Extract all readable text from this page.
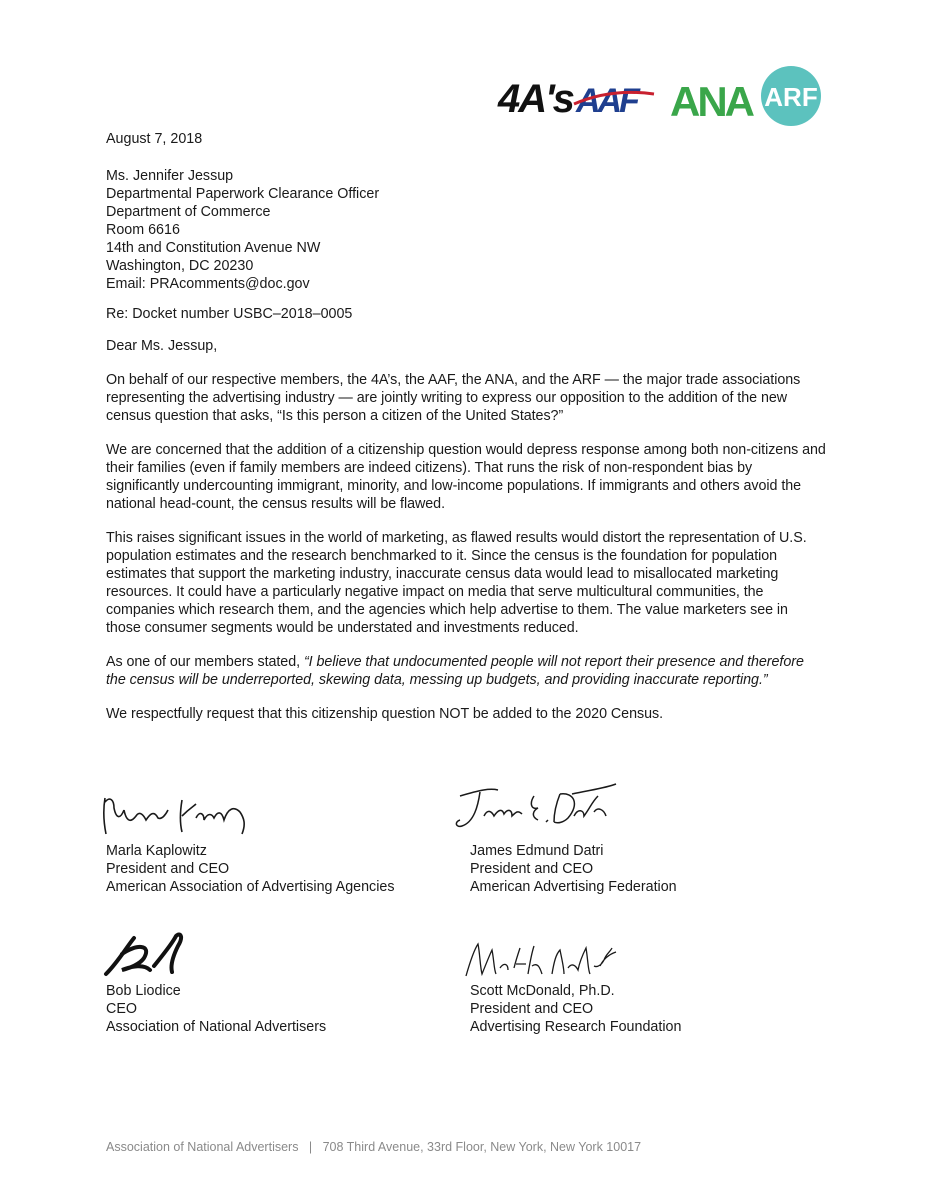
4A's AAF ANA ARF

August 7, 2018

Ms. Jennifer Jessup
Departmental Paperwork Clearance Officer
Department of Commerce
Room 6616
14th and Constitution Avenue NW
Washington, DC 20230
Email: PRAcomments@doc.gov

Re: Docket number USBC–2018–0005

Dear Ms. Jessup,

On behalf of our respective members, the 4A’s, the AAF, the ANA, and the ARF — the major trade associations representing the advertising industry — are jointly writing to express our opposition to the addition of the new census question that asks, “Is this person a citizen of the United States?”

We are concerned that the addition of a citizenship question would depress response among both non-citizens and their families (even if family members are indeed citizens). That runs the risk of non-respondent bias by significantly undercounting immigrant, minority, and low-income populations. If immigrants and others avoid the national head-count, the census results will be flawed.

This raises significant issues in the world of marketing, as flawed results would distort the representation of U.S. population estimates and the research benchmarked to it. Since the census is the foundation for population estimates that support the marketing industry, inaccurate census data would lead to misallocated marketing resources. It could have a particularly negative impact on media that serve multicultural communities, the companies which research them, and the agencies which help advertise to them. The value marketers see in those consumer segments would be understated and investments reduced.

As one of our members stated, “I believe that undocumented people will not report their presence and therefore the census will be underreported, skewing data, messing up budgets, and providing inaccurate reporting.”

We respectfully request that this citizenship question NOT be added to the 2020 Census.

Marla Kaplowitz
President and CEO
American Association of Advertising Agencies
James Edmund Datri
President and CEO
American Advertising Federation
Bob Liodice
CEO
Association of National Advertisers
Scott McDonald, Ph.D.
President and CEO
Advertising Research Foundation
Association of National Advertisers | 708 Third Avenue, 33rd Floor, New York, New York 10017
